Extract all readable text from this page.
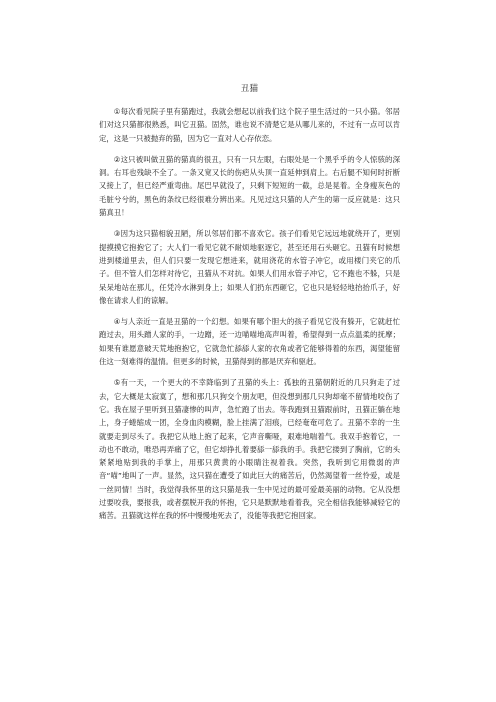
丑猫

①每次看见院子里有猫跑过，我就会想起以前我们这个院子里生活过的一只小猫。邻居们对这只猫都很熟悉，叫它丑猫。固然，谁也说不清楚它是从哪儿来的，不过有一点可以肯定，这是一只被抛弃的猫，因为它一直对人心存依恋。

②这只被叫做丑猫的猫真的很丑，只有一只左眼，右眼处是一个黑乎乎的令人惊骇的深洞。右耳也残缺不全了。一条又宽又长的伤疤从头顶一直延伸到肩上。右后腿不知何时折断又接上了，但已经严重弯曲。尾巴早就没了，只剩下短短的一截，总是晃着。全身瘦灰色的毛脏兮兮的，黑色的条纹已经很难分辨出来。凡见过这只猫的人产生的第一反应就是：这只猫真丑！

③因为这只猫相貌丑陋，所以邻居们都不喜欢它。孩子们看见它远远地就绕开了，更别提摸摸它抱抱它了；大人们一看见它就不耐烦地驱逐它，甚至还用石头砸它。丑猫有时候想进到楼道里去，但人们只要一发现它想进来，就用浇花的水管子冲它，或用楼门夹它的爪子。但不管人们怎样对待它，丑猫从不对抗。如果人们用水管子冲它，它不跑也不躲，只是呆呆地站在那儿，任凭冷水淋到身上；如果人们扔东西砸它，它也只是轻轻地抬抬爪子，好像在请求人们的谅解。

④与人亲近一直是丑猫的一个幻想。如果有哪个胆大的孩子看见它没有躲开，它就赶忙跑过去，用头蹭人家的手，一边蹭，还一边喵喵地高声叫着，希望得到一点点温柔的抚摩；如果有谁愿意破天荒地抱抱它，它就急忙舔舔人家的衣角或者它能够得着的东西，渴望能留住这一刻难得的温情。但更多的时候，丑猫得到的都是厌弃和驱赶。

⑤有一天，一个更大的不幸降临到了丑猫的头上：孤独的丑猫朝附近的几只狗走了过去，它大概是太寂寞了，想和那几只狗交个朋友吧，但没想到那几只狗却毫不留情地咬伤了它。我在屋子里听到丑猫凄惨的叫声，急忙跑了出去。等我跑到丑猫跟前时，丑猫正躺在地上，身子蜷缩成一团，全身血肉模糊，脸上挂满了泪痕，已经奄奄可危了。丑猫不幸的一生就要走到尽头了。我把它从地上抱了起来，它声音嘶哑，艰难地喘着气。我双手抱着它，一动也不敢动，唯恐再弄痛了它，但它却挣扎着要舔一舔我的手。我把它搂到了胸前，它的头紧紧地贴到我的手掌上，用那只黄黄的小眼睛注视着我。突然，我听到它用微弱的声音“喵”地叫了一声。显然，这只猫在遭受了如此巨大的痛苦后，仍然渴望着一丝怜爱，或是一丝同情！当时，我觉得我怀里的这只猫是我一生中见过的最可爱最美丽的动物。它从没想过要咬我，要报我，或者摆脱开我的怀抱，它只是默默地看着我，完全相信我能够减轻它的痛苦。丑猫就这样在我的怀中慢慢地死去了，没能等我把它抱回家。
